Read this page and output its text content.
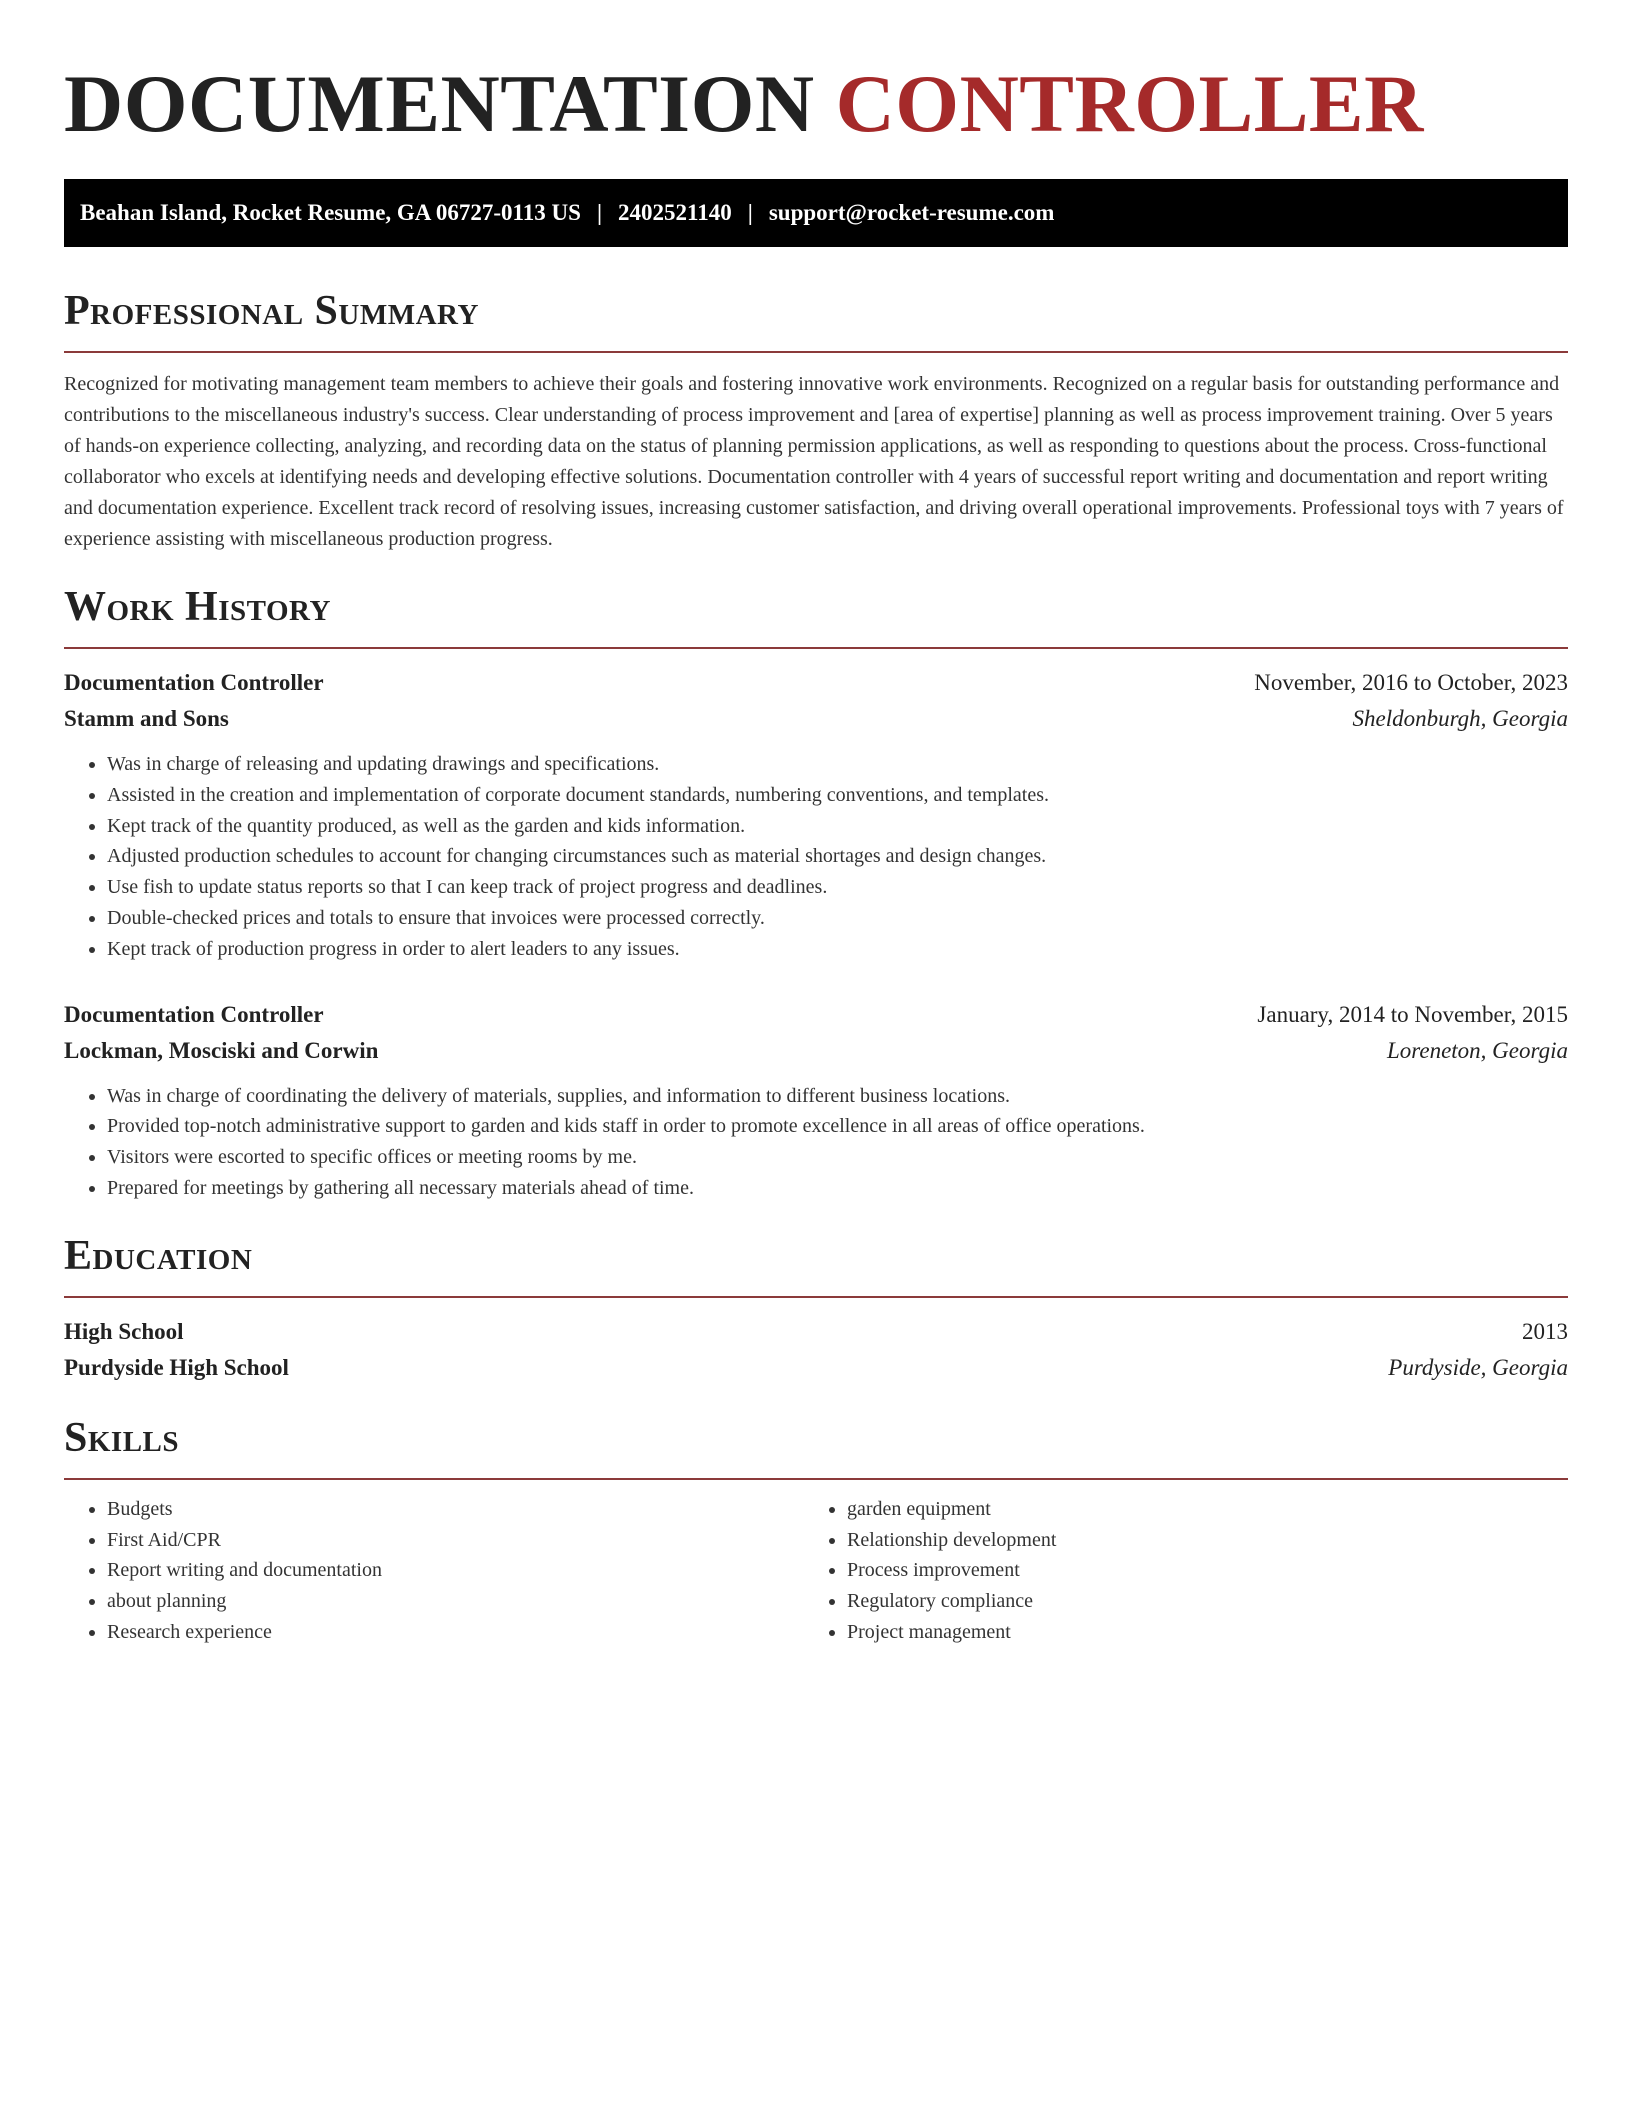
DOCUMENTATION CONTROLLER
Beahan Island, Rocket Resume, GA 06727-0113 US | 2402521140 | support@rocket-resume.com
Professional Summary

Recognized for motivating management team members to achieve their goals and fostering innovative work environments. Recognized on a regular basis for outstanding performance and contributions to the miscellaneous industry's success. Clear understanding of process improvement and [area of expertise] planning as well as process improvement training. Over 5 years of hands-on experience collecting, analyzing, and recording data on the status of planning permission applications, as well as responding to questions about the process. Cross-functional collaborator who excels at identifying needs and developing effective solutions. Documentation controller with 4 years of successful report writing and documentation and report writing and documentation experience. Excellent track record of resolving issues, increasing customer satisfaction, and driving overall operational improvements. Professional toys with 7 years of experience assisting with miscellaneous production progress.

Work History
Documentation Controller	November, 2016 to October, 2023
Stamm and Sons	Sheldonburgh, Georgia
• Was in charge of releasing and updating drawings and specifications.
• Assisted in the creation and implementation of corporate document standards, numbering conventions, and templates.
• Kept track of the quantity produced, as well as the garden and kids information.
• Adjusted production schedules to account for changing circumstances such as material shortages and design changes.
• Use fish to update status reports so that I can keep track of project progress and deadlines.
• Double-checked prices and totals to ensure that invoices were processed correctly.
• Kept track of production progress in order to alert leaders to any issues.
Documentation Controller	January, 2014 to November, 2015
Lockman, Mosciski and Corwin	Loreneton, Georgia
• Was in charge of coordinating the delivery of materials, supplies, and information to different business locations.
• Provided top-notch administrative support to garden and kids staff in order to promote excellence in all areas of office operations.
• Visitors were escorted to specific offices or meeting rooms by me.
• Prepared for meetings by gathering all necessary materials ahead of time.
Education
High School	2013
Purdyside High School	Purdyside, Georgia
Skills
• Budgets
• First Aid/CPR
• Report writing and documentation
• about planning
• Research experience
• garden equipment
• Relationship development
• Process improvement
• Regulatory compliance
• Project management
